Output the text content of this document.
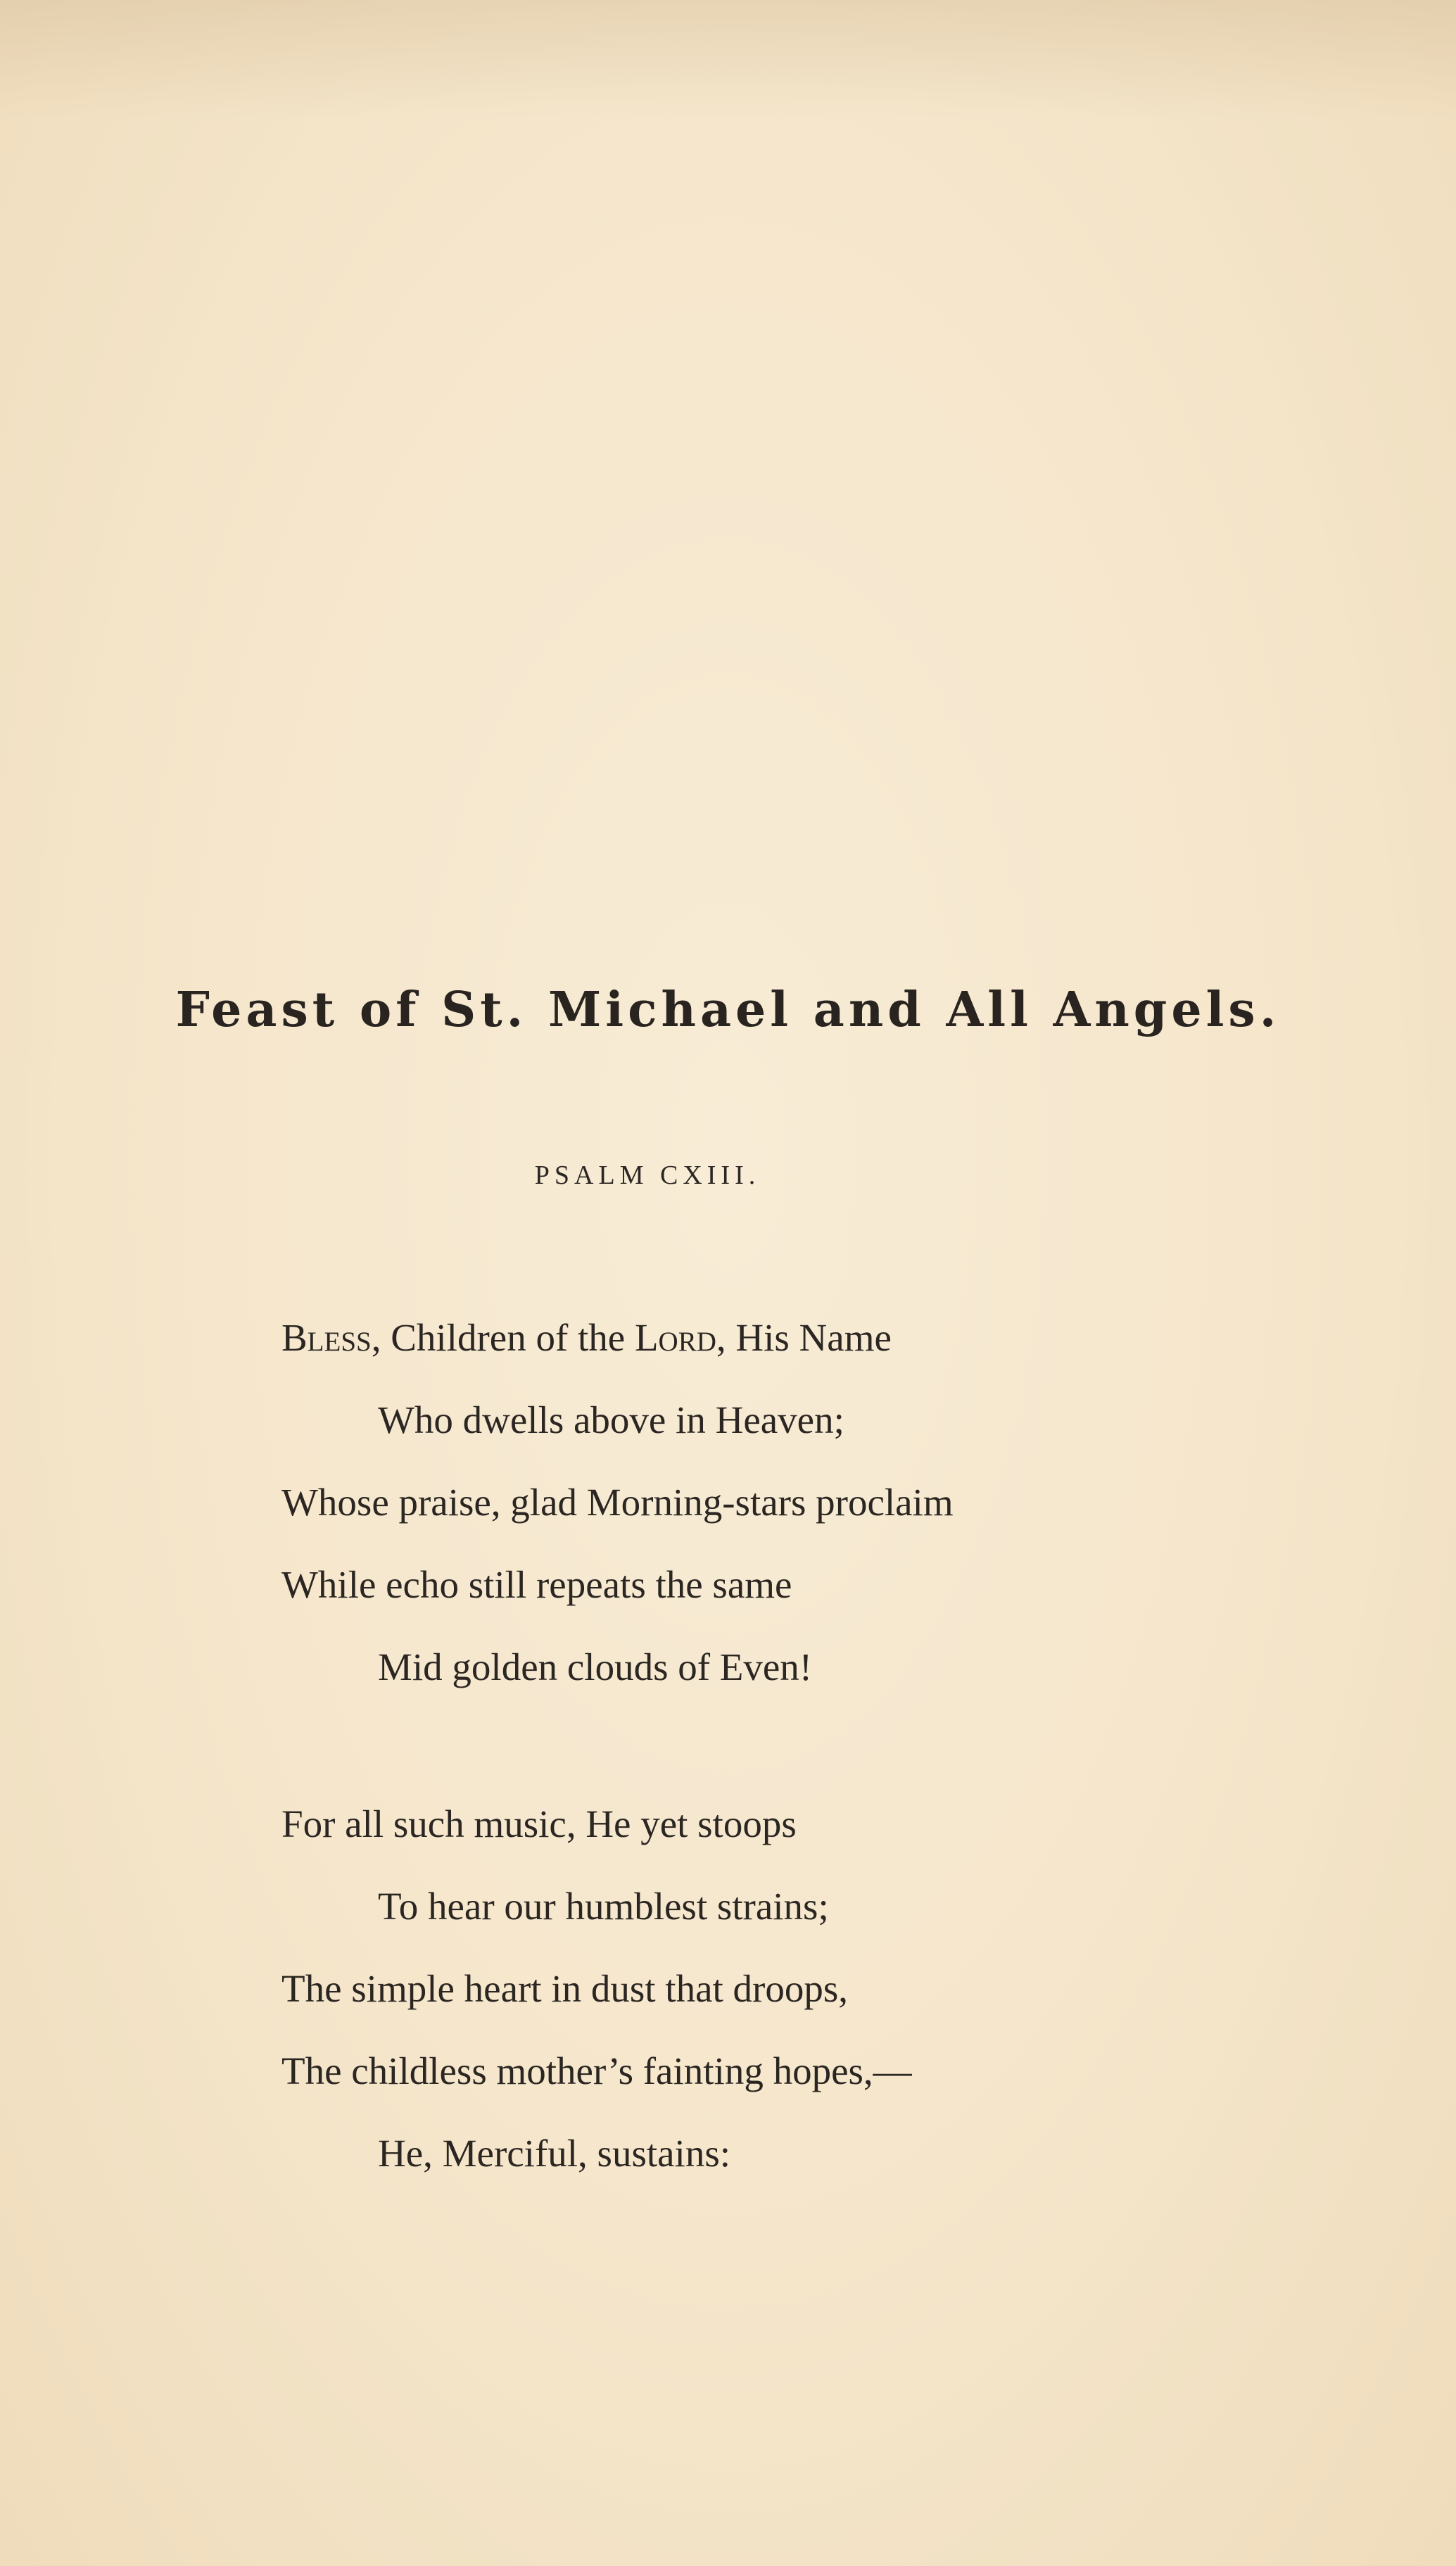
Feast of St. Michael and All Angels.
PSALM CXIII.
Bless, Children of the Lord, His Name
Who dwells above in Heaven;
Whose praise, glad Morning-stars proclaim
While echo still repeats the same
Mid golden clouds of Even!
For all such music, He yet stoops
To hear our humblest strains;
The simple heart in dust that droops,
The childless mother’s fainting hopes,—
He, Merciful, sustains:
